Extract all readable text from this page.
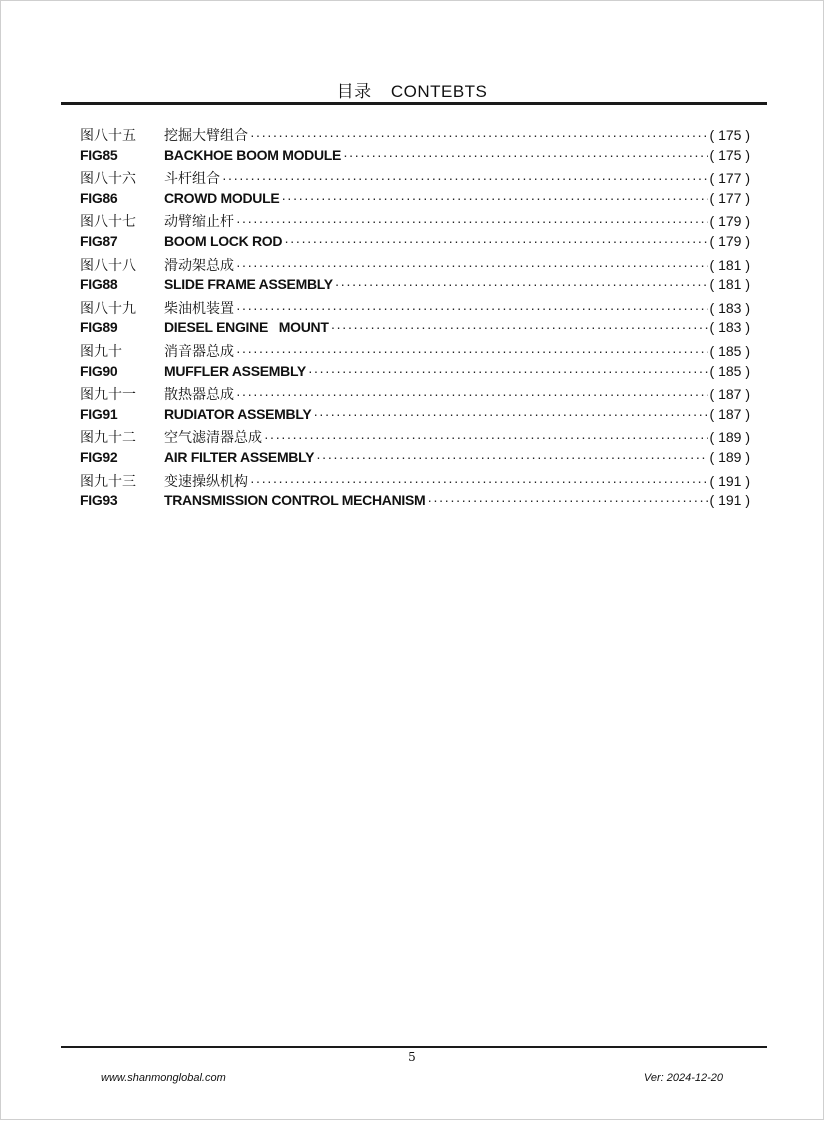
目录 CONTEBTS
图八十五	挖掘大臂组合 ·····	( 175 )
FIG85	BACKHOE BOOM MODULE ·····	( 175 )
图八十六	斗杆组合 ·····	( 177 )
FIG86	CROWD MODULE ·····	( 177 )
图八十七	动臂缩止杆 ·····	( 179 )
FIG87	BOOM LOCK ROD ·····	( 179 )
图八十八	滑动架总成 ·····	( 181 )
FIG88	SLIDE FRAME ASSEMBLY ·····	( 181 )
图八十九	柴油机装置 ·····	( 183 )
FIG89	DIESEL ENGINE   MOUNT ·····	( 183 )
图九十	消音器总成 ·····	( 185 )
FIG90	MUFFLER ASSEMBLY ·····	( 185 )
图九十一	散热器总成 ·····	( 187 )
FIG91	RUDIATOR ASSEMBLY ·····	( 187 )
图九十二	空气滤清器总成 ·····	( 189 )
FIG92	AIR FILTER ASSEMBLY ·····	( 189 )
图九十三	变速操纵机构 ·····	( 191 )
FIG93	TRANSMISSION CONTROL MECHANISM ·····	( 191 )
5
www.shanmonglobal.com	Ver: 2024-12-20
